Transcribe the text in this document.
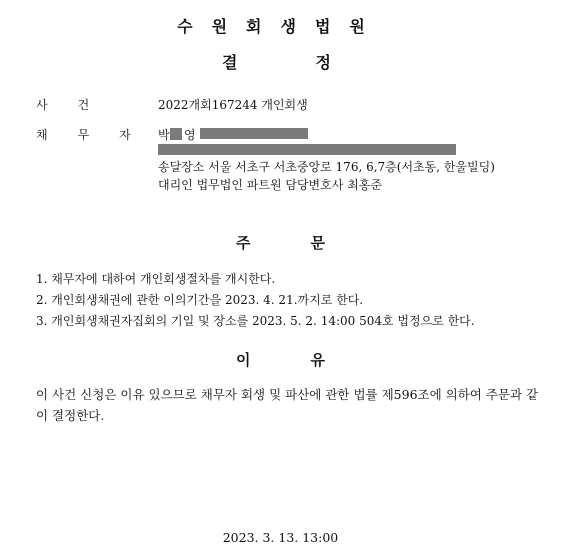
수원회생법원
결정
사건	2022개회167244 개인회생
채무자
박 영
송달장소 서울 서초구 서초중앙로 176, 6,7층(서초동, 한울빌딩)
대리인 법무법인 파트원 담당변호사 최홍준
주문
1. 채무자에 대하여 개인회생절차를 개시한다.
2. 개인회생채권에 관한 이의기간을 2023. 4. 21.까지로 한다.
3. 개인회생채권자집회의 기일 및 장소를 2023. 5. 2. 14:00 504호 법정으로 한다.
이유
이 사건 신청은 이유 있으므로 채무자 회생 및 파산에 관한 법률 제596조에 의하여 주문과 같이 결정한다.
2023. 3. 13. 13:00
